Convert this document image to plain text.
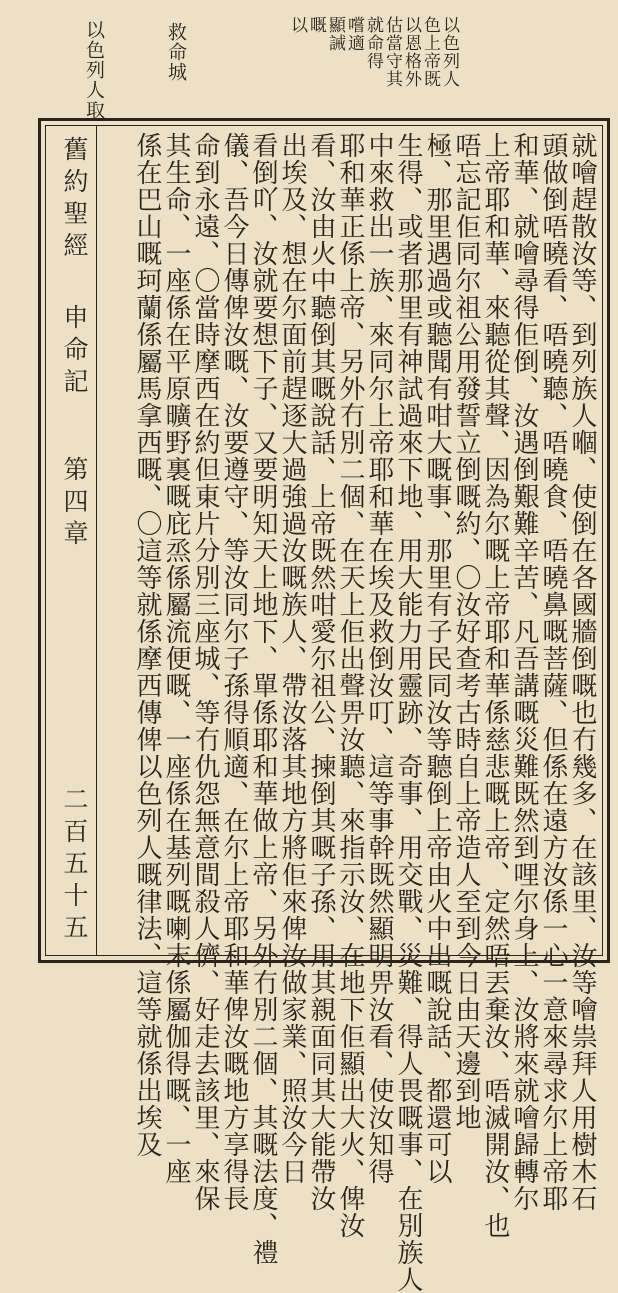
以色列人
色上帝既
以恩格外
估當守其
就命得
嚐適
顯誡
嘅
以
救命城
以色列人取
舊約聖經
申命記
第四章
二百五十五	就噲趕散汝等、到列族人嗰、使倒在各國牆倒嘅也冇幾多、在該里、汝等噲祟拜人用樹木石
頭做倒唔曉看、唔曉聽、唔曉食、唔曉鼻嘅菩薩、但係在遠方汝係一心一意來尋求尔上帝耶
和華、就噲尋得佢倒、汝遇倒艱難辛苦、凡吾講嘅災難既然到哩尔身上、汝將來就噲歸轉尔
上帝耶和華、來聽從其聲、因為尔嘅上帝耶和華係慈悲嘅上帝、定然唔丟棄汝、唔滅開汝、也
唔忘記佢同尔祖公用發誓立倒嘅約、〇汝好查考古時自上帝造人至到今日由天邊到地
極、那里遇過或聽聞有咁大嘅事、那里有子民同汝等聽倒上帝由火中出嘅說話、都還可以
生得、或者那里有神試過來下地、用大能力用靈跡、奇事、用交戰、災難、得人畏嘅事、在別族人
中來救出一族、來同尔上帝耶和華在埃及救倒汝叮、這等事幹既然顯明畀汝看、使汝知得
耶和華正係上帝、另外冇別二個、在天上佢出聲畀汝聽、來指示汝、在地下佢顯出大火、俾汝
看、汝由火中聽倒其嘅說話、上帝既然咁愛尔祖公、揀倒其嘅子孫、用其親面同其大能帶汝
出埃及、想在尔面前趕逐大過強過汝嘅族人、帶汝落其地方將佢來俾汝做家業、照汝今日
看倒吖、汝就要想下子、又要明知天上地下、單係耶和華做上帝、另外冇別二個、其嘅法度、禮
儀、吾今日傳俾汝嘅、汝要遵守、等汝同尔子孫得順適、在尔上帝耶和華俾汝嘅地方享得長
命到永遠、〇當時摩西在約但東片分別三座城、等冇仇怨無意間殺人儕、好走去該里、來保
其生命、一座係在平原曠野裏嘅庇烝係屬流便嘅、一座係在基列嘅喇末係屬伽得嘅、一座
係在巴山嘅珂蘭係屬馬拿西嘅、〇這等就係摩西傳俾以色列人嘅律法、這等就係出埃及
